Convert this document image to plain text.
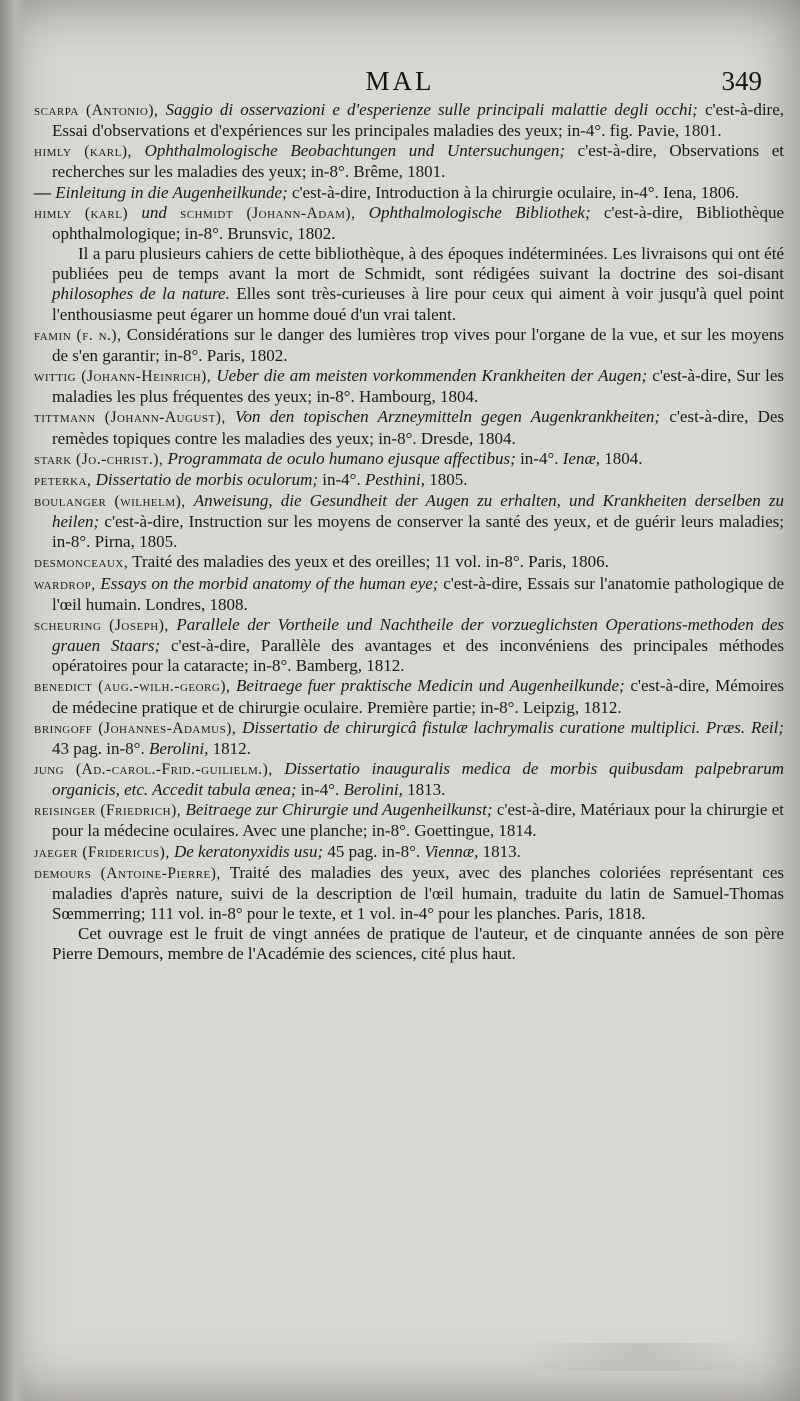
MAL	349

scarpa (Antonio), Saggio di osservazioni e d'esperienze sulle principali malattie degli occhi; c'est-à-dire, Essai d'observations et d'expériences sur les principales maladies des yeux; in-4°. fig. Pavie, 1801.

himly (karl), Ophthalmologische Beobachtungen und Untersuchungen; c'est-à-dire, Observations et recherches sur les maladies des yeux; in-8°. Brême, 1801.

— Einleitung in die Augenheilkunde; c'est-à-dire, Introduction à la chirurgie oculaire, in-4°. Iena, 1806.

himly (karl) und schmidt (Johann-Adam), Ophthalmologische Bibliothek; c'est-à-dire, Bibliothèque ophthalmologique; in-8°. Brunsvic, 1802.

Il a paru plusieurs cahiers de cette bibliothèque, à des époques indéterminées. Les livraisons qui ont été publiées peu de temps avant la mort de Schmidt, sont rédigées suivant la doctrine des soi-disant philosophes de la nature. Elles sont très-curieuses à lire pour ceux qui aiment à voir jusqu'à quel point l'enthousiasme peut égarer un homme doué d'un vrai talent.

famin (f. n.), Considérations sur le danger des lumières trop vives pour l'organe de la vue, et sur les moyens de s'en garantir; in-8°. Paris, 1802.

wittig (Johann-Heinrich), Ueber die am meisten vorkommenden Krankheiten der Augen; c'est-à-dire, Sur les maladies les plus fréquentes des yeux; in-8°. Hambourg, 1804.

tittmann (Johann-August), Von den topischen Arzneymitteln gegen Augenkrankheiten; c'est-à-dire, Des remèdes topiques contre les maladies des yeux; in-8°. Dresde, 1804.

stark (Jo.-christ.), Programmata de oculo humano ejusque affectibus; in-4°. Ienæ, 1804.

peterka, Dissertatio de morbis oculorum; in-4°. Pesthini, 1805.

boulanger (wilhelm), Anweisung, die Gesundheit der Augen zu erhalten, und Krankheiten derselben zu heilen; c'est-à-dire, Instruction sur les moyens de conserver la santé des yeux, et de guérir leurs maladies; in-8°. Pirna, 1805.

desmonceaux, Traité des maladies des yeux et des oreilles; 11 vol. in-8°. Paris, 1806.

wardrop, Essays on the morbid anatomy of the human eye; c'est-à-dire, Essais sur l'anatomie pathologique de l'œil humain. Londres, 1808.

scheuring (Joseph), Parallele der Vortheile und Nachtheile der vorzueglichsten Operations-methoden des grauen Staars; c'est-à-dire, Parallèle des avantages et des inconvéniens des principales méthodes opératoires pour la cataracte; in-8°. Bamberg, 1812.

benedict (aug.-wilh.-georg), Beitraege fuer praktische Medicin und Augenheilkunde; c'est-à-dire, Mémoires de médecine pratique et de chirurgie oculaire. Première partie; in-8°. Leipzig, 1812.

bringoff (Johannes-Adamus), Dissertatio de chirurgicâ fistulæ lachrymalis curatione multiplici. Præs. Reil; 43 pag. in-8°. Berolini, 1812.

jung (Ad.-carol.-Frid.-guilielm.), Dissertatio inauguralis medica de morbis quibusdam palpebrarum organicis, etc. Accedit tabula ænea; in-4°. Berolini, 1813.

reisinger (Friedrich), Beitraege zur Chirurgie und Augenheilkunst; c'est-à-dire, Matériaux pour la chirurgie et pour la médecine oculaires. Avec une planche; in-8°. Goettingue, 1814.

jaeger (Fridericus), De keratonyxidis usu; 45 pag. in-8°. Viennæ, 1813.

demours (Antoine-Pierre), Traité des maladies des yeux, avec des planches coloriées représentant ces maladies d'après nature, suivi de la description de l'œil humain, traduite du latin de Samuel-Thomas Sœmmerring; 111 vol. in-8° pour le texte, et 1 vol. in-4° pour les planches. Paris, 1818.

Cet ouvrage est le fruit de vingt années de pratique de l'auteur, et de cinquante années de son père Pierre Demours, membre de l'Académie des sciences, cité plus haut.
